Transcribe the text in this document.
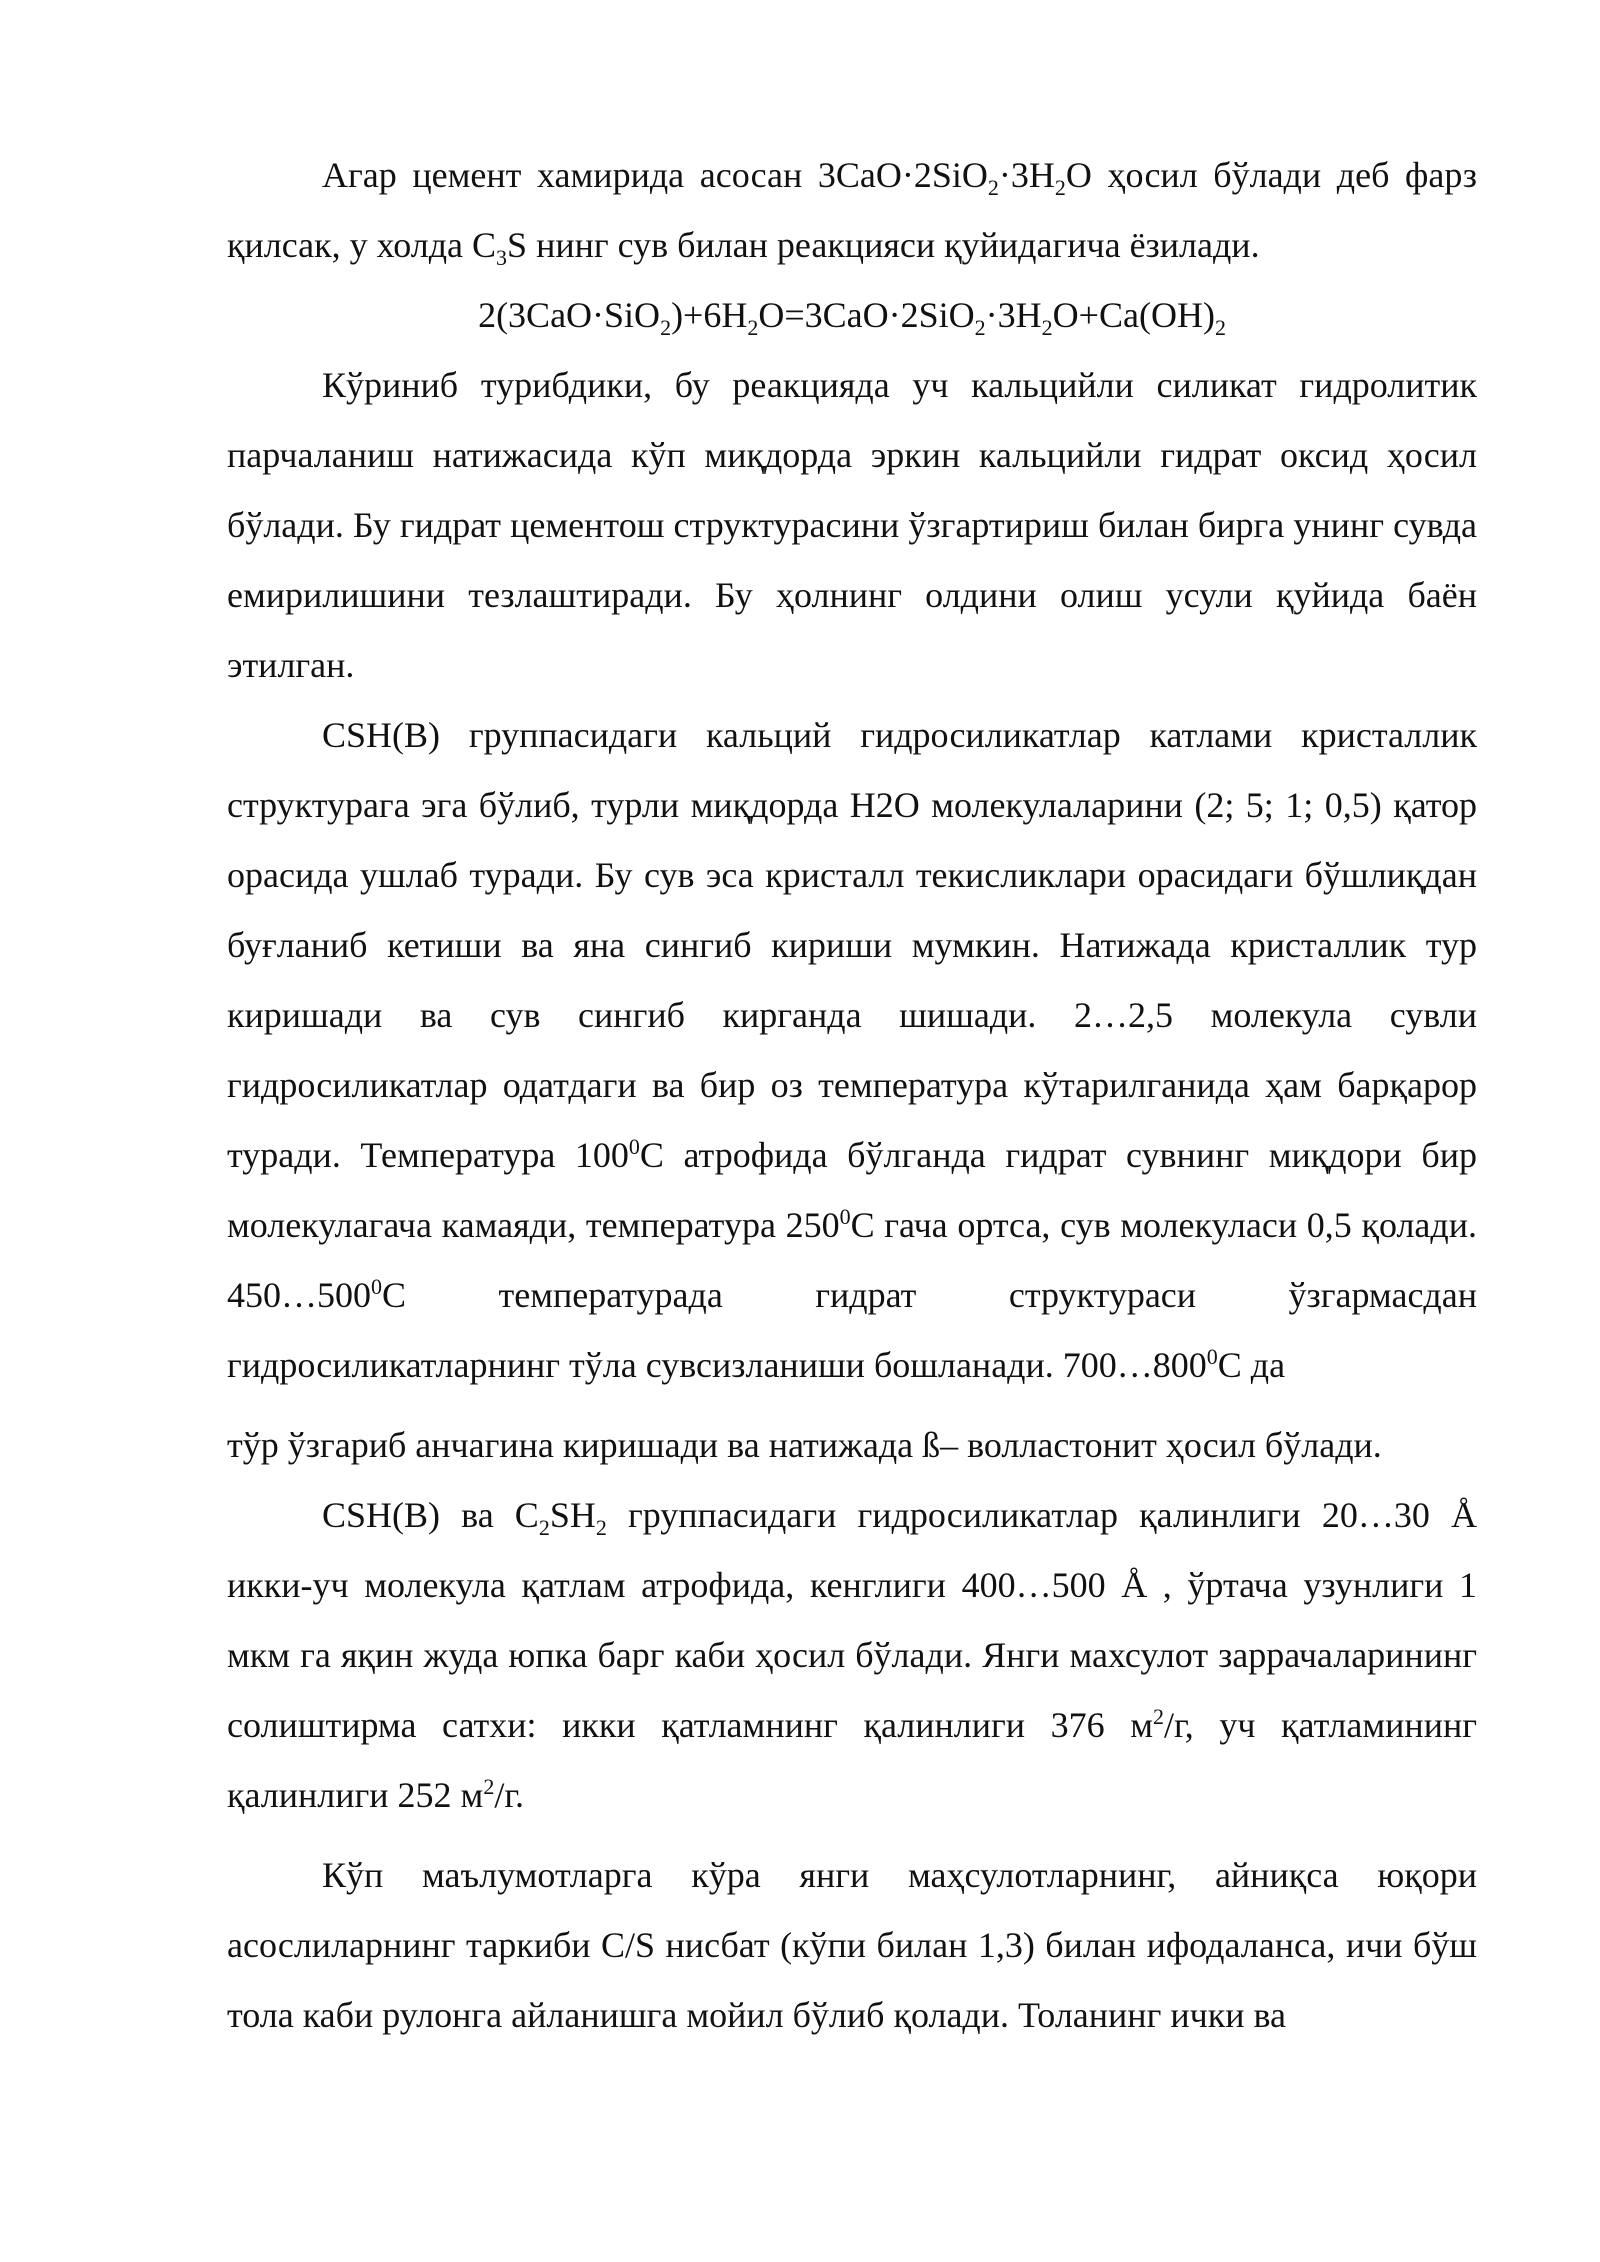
Агар цемент хамирида асосан $3CaO\cdot 2SiO_2\cdot 3H_2O$ ҳосил бўлади деб фарз қилсак, у холда $C_3S$ нинг сув билан реакцияси қуйидагича ёзилади.

$2(3CaO\cdot SiO_2)+6H_2O=3CaO\cdot 2SiO_2\cdot 3H_2O+Ca(OH)_2$

Кўриниб турибдики, бу реакцияда уч кальцийли силикат гидролитик парчаланиш натижасида кўп миқдорда эркин кальцийли гидрат оксид ҳосил бўлади. Бу гидрат цементош структурасини ўзгартириш билан бирга унинг сувда емирилишини тезлаштиради. Бу ҳолнинг олдини олиш усули қуйида баён этилган.

CSH(B) группасидаги кальций гидросиликатлар катлами кристаллик структурага эга бўлиб, турли миқдорда H2O молекулаларини (2; 5; 1; 0,5) қатор орасида ушлаб туради. Бу сув эса кристалл текисликлари орасидаги бўшлиқдан буғланиб кетиши ва яна сингиб кириши мумкин. Натижада кристаллик тур киришади ва сув сингиб кирганда шишади. 2…2,5 молекула сувли гидросиликатлар одатдаги ва бир оз температура кўтарилганида ҳам барқарор туради. Температура $100^0C$ атрофида бўлганда гидрат сувнинг миқдори бир молекулагача камаяди, температура $250^0C$ гача ортса, сув молекуласи 0,5 қолади. $450\dots 500^0C$ температурада гидрат структураси ўзгармасдан гидросиликатларнинг тўла сувсизланиши бошланади. $700\dots 800^0C$ да

тўр ўзгариб анчагина киришади ва натижада ß– волластонит ҳосил бўлади.

CSH(B) ва $C_2SH_2$ группасидаги гидросиликатлар қалинлиги 20…30 Å икки-уч молекула қатлам атрофида, кенглиги 400…500 Å , ўртача узунлиги 1 мкм га яқин жуда юпка барг каби ҳосил бўлади. Янги махсулот заррачаларининг солиштирма сатхи: икки қатламнинг қалинлиги 376 $м^2/г$, уч қатламининг қалинлиги 252 $м^2/г$.

Кўп маълумотларга кўра янги маҳсулотларнинг, айниқса юқори асослиларнинг таркиби C/S нисбат (кўпи билан 1,3) билан ифодаланса, ичи бўш тола каби рулонга айланишга мойил бўлиб қолади. Толанинг ички ва
